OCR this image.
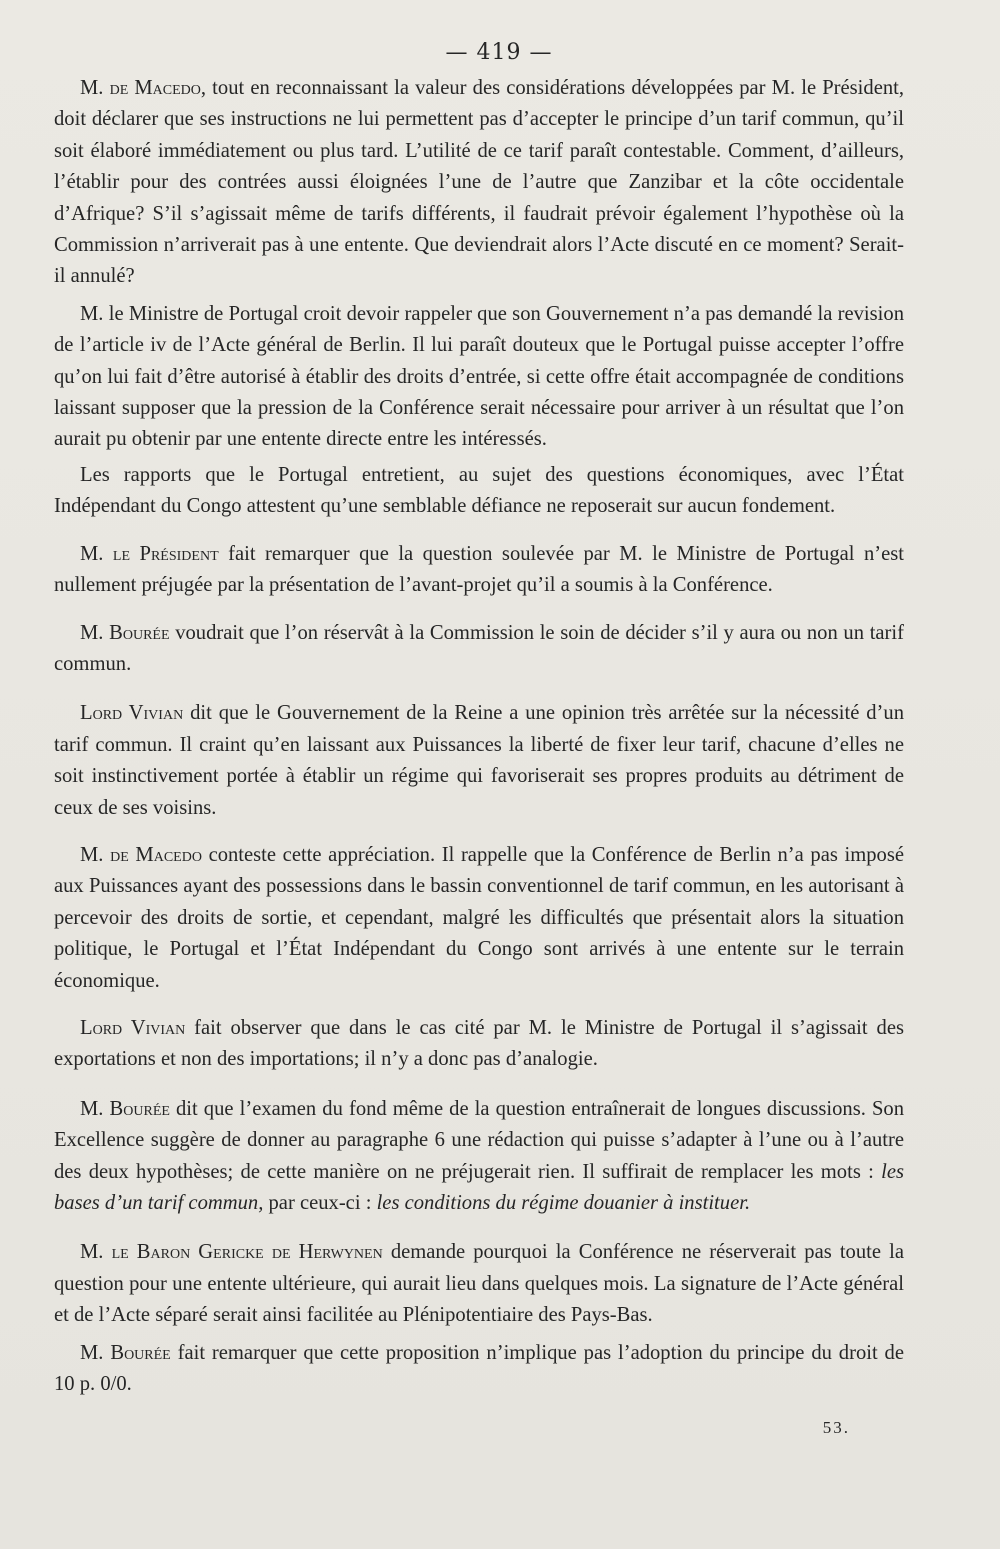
— 419 —

M. de Macedo, tout en reconnaissant la valeur des considérations développées par M. le Président, doit déclarer que ses instructions ne lui permettent pas d’accepter le principe d’un tarif commun, qu’il soit élaboré immédiatement ou plus tard. L’utilité de ce tarif paraît contestable. Comment, d’ailleurs, l’établir pour des contrées aussi éloignées l’une de l’autre que Zanzibar et la côte occidentale d’Afrique? S’il s’agissait même de tarifs différents, il faudrait prévoir également l’hypothèse où la Commission n’arriverait pas à une entente. Que deviendrait alors l’Acte discuté en ce moment? Serait-il annulé?

M. le Ministre de Portugal croit devoir rappeler que son Gouvernement n’a pas demandé la revision de l’article iv de l’Acte général de Berlin. Il lui paraît douteux que le Portugal puisse accepter l’offre qu’on lui fait d’être autorisé à établir des droits d’entrée, si cette offre était accompagnée de conditions laissant supposer que la pression de la Conférence serait nécessaire pour arriver à un résultat que l’on aurait pu obtenir par une entente directe entre les intéressés.

Les rapports que le Portugal entretient, au sujet des questions économiques, avec l’État Indépendant du Congo attestent qu’une semblable défiance ne reposerait sur aucun fondement.

M. le Président fait remarquer que la question soulevée par M. le Ministre de Portugal n’est nullement préjugée par la présentation de l’avant-projet qu’il a soumis à la Conférence.

M. Bourée voudrait que l’on réservât à la Commission le soin de décider s’il y aura ou non un tarif commun.

Lord Vivian dit que le Gouvernement de la Reine a une opinion très arrêtée sur la nécessité d’un tarif commun. Il craint qu’en laissant aux Puissances la liberté de fixer leur tarif, chacune d’elles ne soit instinctivement portée à établir un régime qui favoriserait ses propres produits au détriment de ceux de ses voisins.

M. de Macedo conteste cette appréciation. Il rappelle que la Conférence de Berlin n’a pas imposé aux Puissances ayant des possessions dans le bassin conventionnel de tarif commun, en les autorisant à percevoir des droits de sortie, et cependant, malgré les difficultés que présentait alors la situation politique, le Portugal et l’État Indépendant du Congo sont arrivés à une entente sur le terrain économique.

Lord Vivian fait observer que dans le cas cité par M. le Ministre de Portugal il s’agissait des exportations et non des importations; il n’y a donc pas d’analogie.

M. Bourée dit que l’examen du fond même de la question entraînerait de longues discussions. Son Excellence suggère de donner au paragraphe 6 une rédaction qui puisse s’adapter à l’une ou à l’autre des deux hypothèses; de cette manière on ne préjugerait rien. Il suffirait de remplacer les mots : les bases d’un tarif commun, par ceux-ci : les conditions du régime douanier à instituer.

M. le Baron Gericke de Herwynen demande pourquoi la Conférence ne réserverait pas toute la question pour une entente ultérieure, qui aurait lieu dans quelques mois. La signature de l’Acte général et de l’Acte séparé serait ainsi facilitée au Plénipotentiaire des Pays-Bas.

M. Bourée fait remarquer que cette proposition n’implique pas l’adoption du principe du droit de 10 p. 0/0.

53.
